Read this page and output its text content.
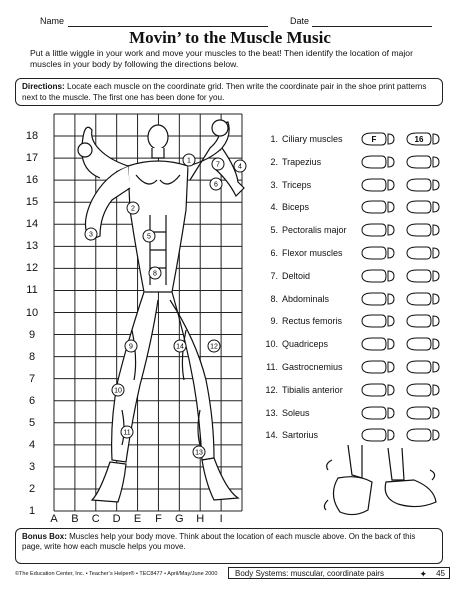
Name	Date
Movin’ to the Muscle Music
Put a little wiggle in your work and move your muscles to the beat! Then identify the location of major muscles in your body by following the directions below.
Directions: Locate each muscle on the coordinate grid. Then write the coordinate pair in the shoe print patterns next to the muscle. The first one has been done for you.
18
17
16
15
14
13
12
11
10
9
8
7
6
5
4
3
2
1
A	B	C	D	E	F	G	H	I
1
2
3
4
5
6
7
8
9
10
11
12
13
14
1. Ciliary muscles	F	16
2. Trapezius
3. Triceps
4. Biceps
5. Pectoralis major
6. Flexor muscles
7. Deltoid
8. Abdominals
9. Rectus femoris
10. Quadriceps
11. Gastrocnemius
12. Tibialis anterior
13. Soleus
14. Sartorius
Bonus Box: Muscles help your body move. Think about the location of each muscle above. On the back of this page, write how each muscle helps you move.
©The Education Center, Inc. • Teacher’s Helper® • TEC8477 • April/May/June 2000	Body Systems: muscular, coordinate pairs	✦ 45
